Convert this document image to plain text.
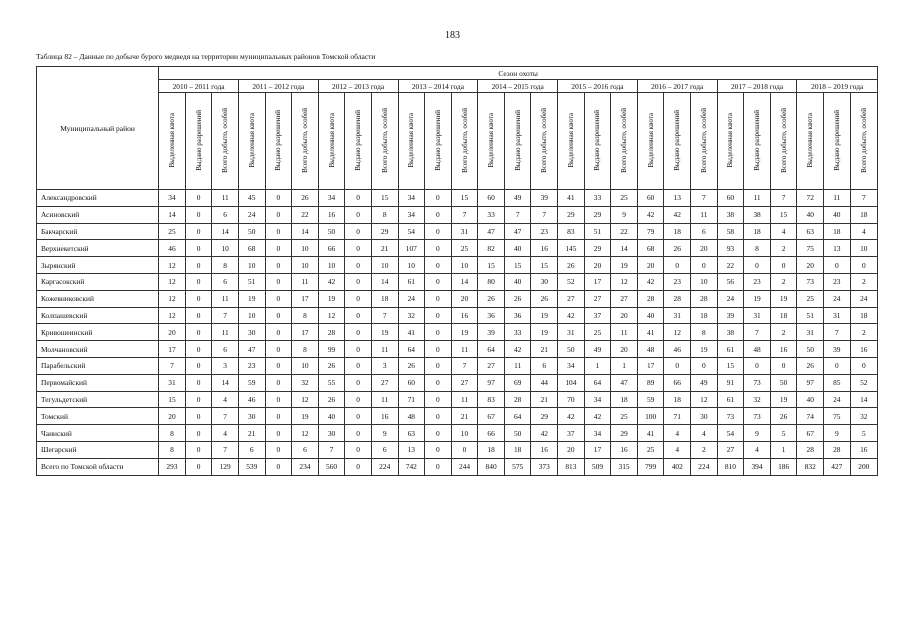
183
Таблица 82 – Данные по добыче бурого медведя на территории муниципальных районов Томской области
Муниципальный район	Сезон охоты																										
	2010 – 2011 года			2011 – 2012 года			2012 – 2013 года			2013 – 2014 года			2014 – 2015 года			2015 – 2016 года			2016 – 2017 года			2017 – 2018 года			2018 – 2019 года		
	Выделенная квота	Выдано разрешений	Всего добыто, особей	Выделенная квота	Выдано разрешений	Всего добыто, особей	Выделенная квота	Выдано разрешений	Всего добыто, особей	Выделенная квота	Выдано разрешений	Всего добыто, особей	Выделенная квота	Выдано разрешений	Всего добыто, особей	Выделенная квота	Выдано разрешений	Всего добыто, особей	Выделенная квота	Выдано разрешений	Всего добыто, особей	Выделенная квота	Выдано разрешений	Всего добыто, особей	Выделенная квота	Выдано разрешений	Всего добыто, особей
Александровский	34	0	11	45	0	26	34	0	15	34	0	15	60	49	39	41	33	25	60	13	7	60	11	7	72	11	7
Асиновский	14	0	6	24	0	22	16	0	8	34	0	7	33	7	7	29	29	9	42	42	11	38	38	15	40	40	18
Бакчарский	25	0	14	50	0	14	50	0	29	54	0	31	47	47	23	83	51	22	79	18	6	58	18	4	63	18	4
Верхнекетский	46	0	10	68	0	10	66	0	21	107	0	25	82	40	16	145	29	14	68	26	20	93	8	2	75	13	10
Зырянский	12	0	8	10	0	10	10	0	10	10	0	10	15	15	15	26	20	19	20	0	0	22	0	0	20	0	0
Каргасокский	12	0	6	51	0	11	42	0	14	61	0	14	80	40	30	52	17	12	42	23	10	56	23	2	73	23	2
Кожевниковский	12	0	11	19	0	17	19	0	18	24	0	20	26	26	26	27	27	27	28	28	28	24	19	19	25	24	24
Колпашевский	12	0	7	10	0	8	12	0	7	32	0	16	36	36	19	42	37	20	40	31	18	39	31	18	51	31	18
Кривошеинский	20	0	11	30	0	17	28	0	19	41	0	19	39	33	19	31	25	11	41	12	8	38	7	2	31	7	2
Молчановский	17	0	6	47	0	8	99	0	11	64	0	11	64	42	21	50	49	20	48	46	19	61	48	16	50	39	16
Парабельский	7	0	3	23	0	10	26	0	3	26	0	7	27	11	6	34	1	1	17	0	0	15	0	0	26	0	0
Первомайский	31	0	14	59	0	32	55	0	27	60	0	27	97	69	44	104	64	47	89	66	49	91	73	50	97	85	52
Тегульдетский	15	0	4	46	0	12	26	0	11	71	0	11	83	28	21	70	34	18	59	18	12	61	32	19	40	24	14
Томский	20	0	7	30	0	19	40	0	16	48	0	21	67	64	29	42	42	25	100	71	30	73	73	26	74	75	32
Чаинский	8	0	4	21	0	12	30	0	9	63	0	10	66	50	42	37	34	29	41	4	4	54	9	5	67	9	5
Шегарский	8	0	7	6	0	6	7	0	6	13	0	0	18	18	16	20	17	16	25	4	2	27	4	1	28	28	16
Всего по Томской области	293	0	129	539	0	234	560	0	224	742	0	244	840	575	373	813	509	315	799	402	224	810	394	186	832	427	200
